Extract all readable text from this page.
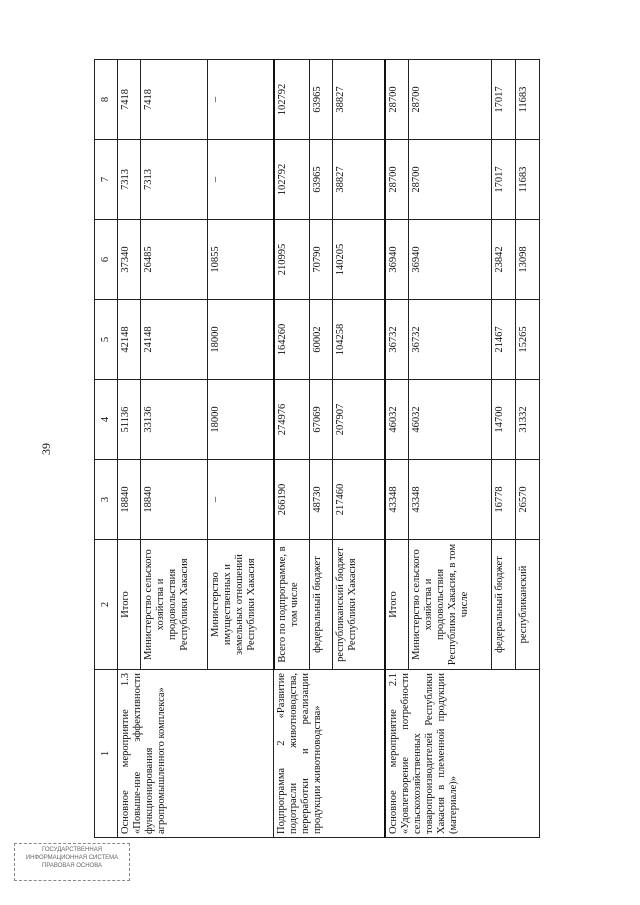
39
ГОСУДАРСТВЕННАЯ
ИНФОРМАЦИОННАЯ СИСТЕМА
ПРАВОВАЯ ОСНОВА
1	2	3	4	5	6	7	8
Основное мероприятие 1.3 «Повыше-ние эффективности функционирования агропромышленного комплекса»	Итого	18840	51136	42148	37340	7313	7418
	Министерство сельского хозяйства и продовольствия Республики Хакасия	18840	33136	24148	26485	7313	7418
	Министерство имущественных и земельных отношений Республики Хакасия	–	18000	18000	10855	–	–
Подпрограмма 2 «Развитие подотрасли животноводства, переработки и реализации продукции животноводства»	Всего по подпрограмме, в том числе	266190	274976	164260	210995	102792	102792
	федеральный бюджет	48730	67069	60002	70790	63965	63965
	республиканский бюджет Республики Хакасия	217460	207907	104258	140205	38827	38827
Основное мероприятие 2.1 «Удовлетворение потребности сельскохозяйственных товаропроизводителей Республики Хакасия в племенной продукции (материале)»	Итого	43348	46032	36732	36940	28700	28700
	Министерство сельского хозяйства и продовольствия Республики Хакасия, в том числе	43348	46032	36732	36940	28700	28700
	федеральный бюджет	16778	14700	21467	23842	17017	17017
	республиканский	26570	31332	15265	13098	11683	11683
